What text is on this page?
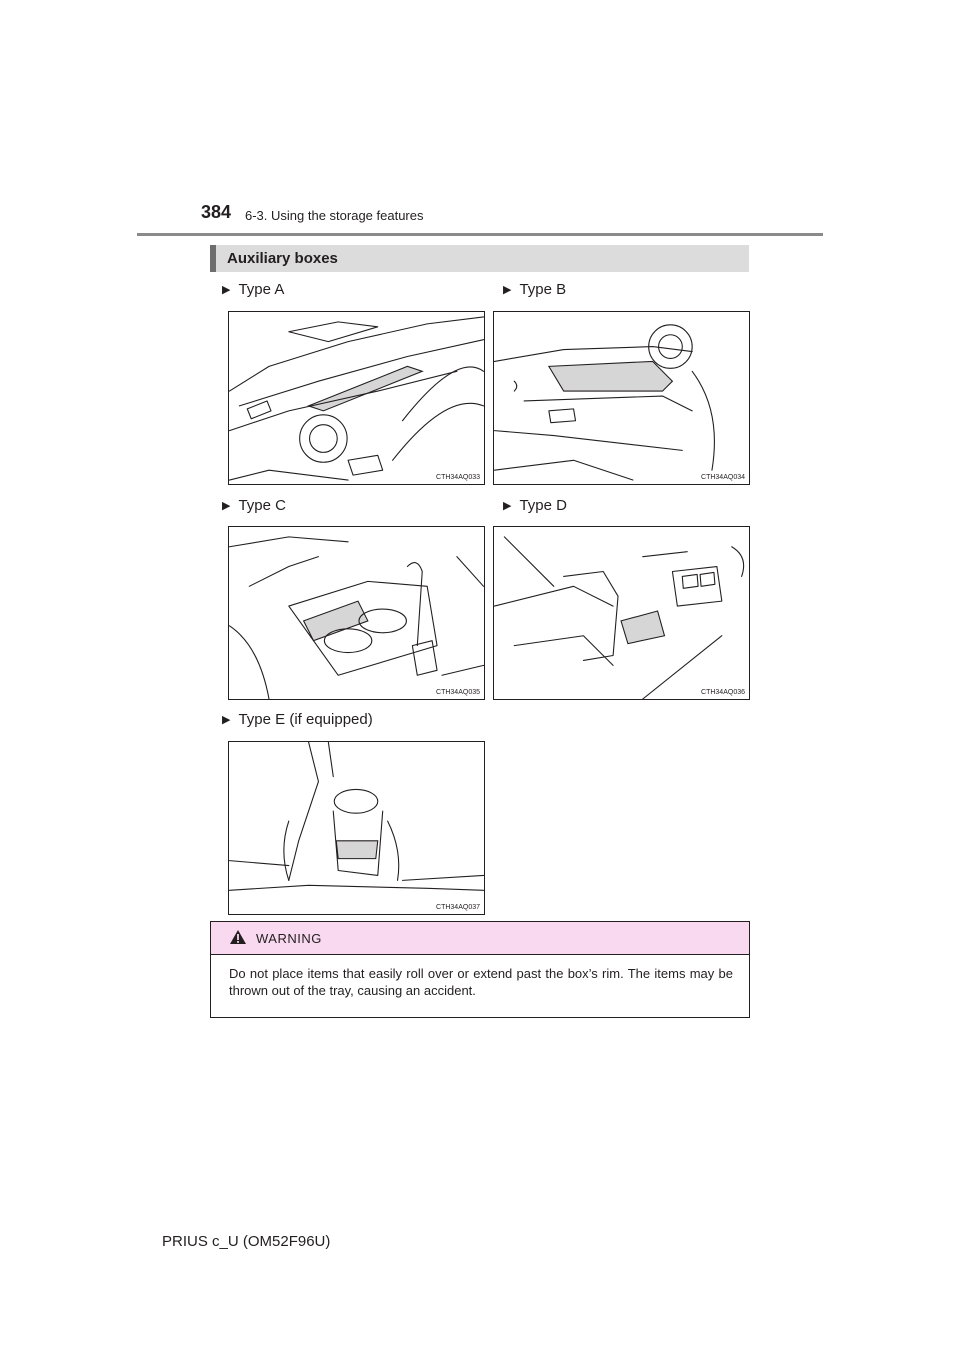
384 6-3. Using the storage features
Auxiliary boxes
▶ Type A
CTH34AQ033
▶ Type B
CTH34AQ034
▶ Type C
CTH34AQ035
▶ Type D
CTH34AQ036
▶ Type E (if equipped)
CTH34AQ037
WARNING
Do not place items that easily roll over or extend past the box’s rim. The items may be thrown out of the tray, causing an accident.
PRIUS c_U (OM52F96U)
